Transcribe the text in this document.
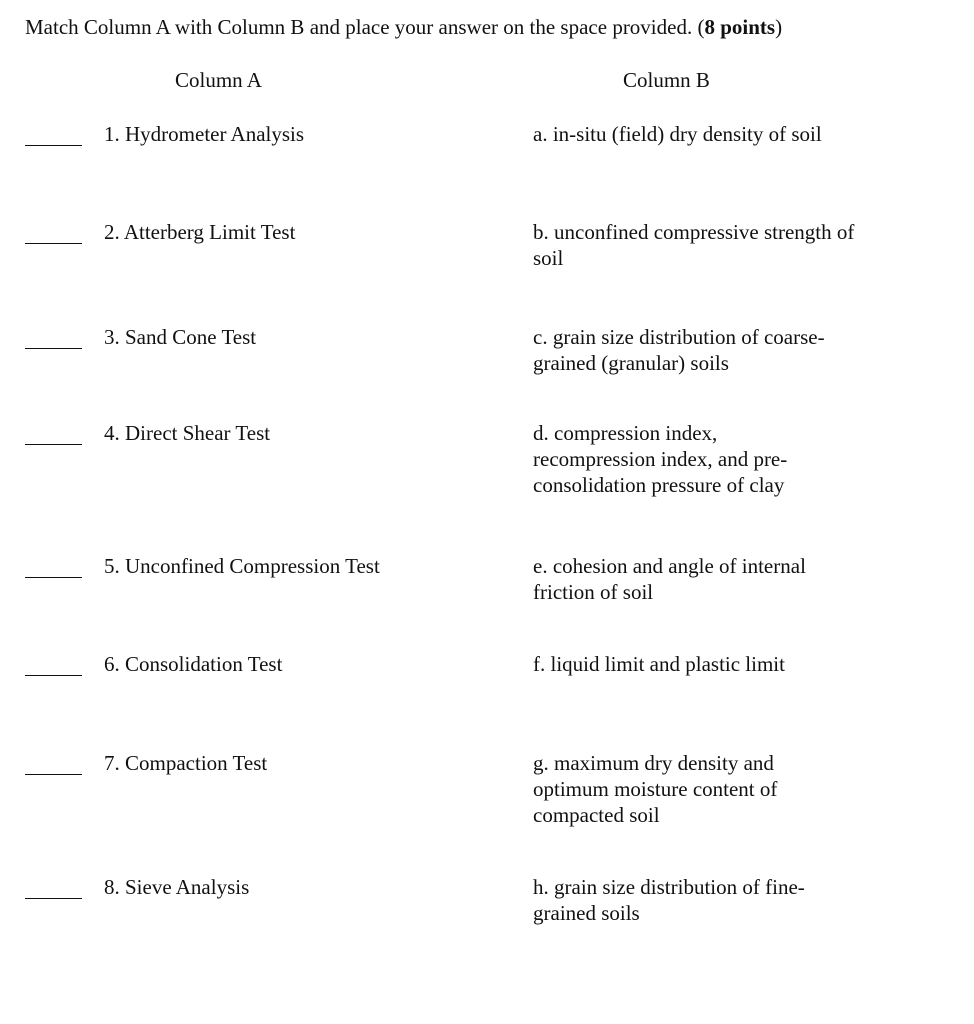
Match Column A with Column B and place your answer on the space provided. (8 points)

Column A	Column B
1. Hydrometer Analysis	a. in-situ (field) dry density of soil
2. Atterberg Limit Test	b. unconfined compressive strength of soil
3. Sand Cone Test	c. grain size distribution of coarse-grained (granular) soils
4. Direct Shear Test	d. compression index, recompression index, and pre-consolidation pressure of clay
5. Unconfined Compression Test	e. cohesion and angle of internal friction of soil
6. Consolidation Test	f. liquid limit and plastic limit
7. Compaction Test	g. maximum dry density and optimum moisture content of compacted soil
8. Sieve Analysis	h. grain size distribution of fine-grained soils
